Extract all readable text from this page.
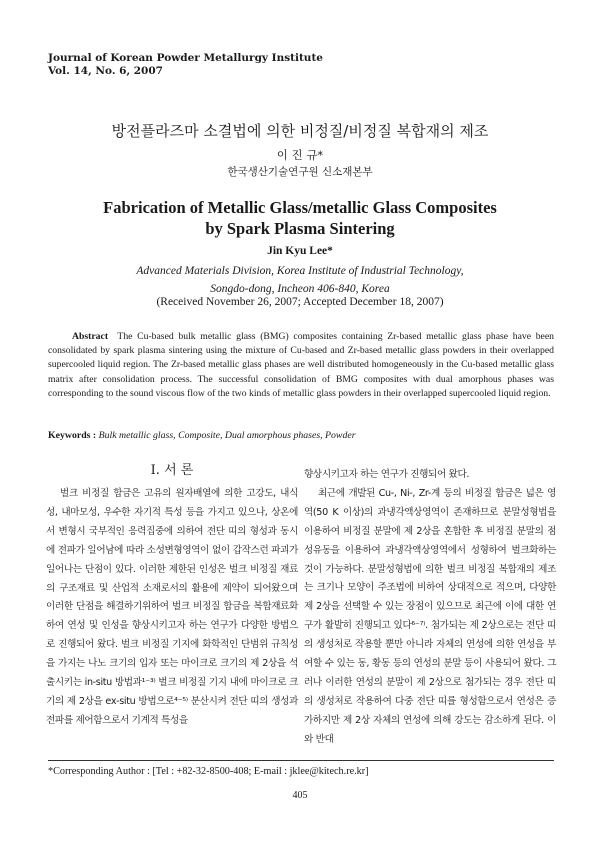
Journal of Korean Powder Metallurgy Institute
Vol. 14, No. 6, 2007
방전플라즈마 소결법에 의한 비정질/비정질 복합재의 제조
이 진 규*
한국생산기술연구원 신소재본부
Fabrication of Metallic Glass/metallic Glass Composites
by Spark Plasma Sintering
Jin Kyu Lee*
Advanced Materials Division, Korea Institute of Industrial Technology,
Songdo-dong, Incheon 406-840, Korea
(Received November 26, 2007; Accepted December 18, 2007)

Abstract The Cu-based bulk metallic glass (BMG) composites containing Zr-based metallic glass phase have been consolidated by spark plasma sintering using the mixture of Cu-based and Zr-based metallic glass powders in their overlapped supercooled liquid region. The Zr-based metallic glass phases are well distributed homogeneously in the Cu-based metallic glass matrix after consolidation process. The successful consolidation of BMG composites with dual amorphous phases was corresponding to the sound viscous flow of the two kinds of metallic glass powders in their overlapped supercooled liquid region.

Keywords : Bulk metallic glass, Composite, Dual amorphous phases, Powder
I. 서 론

벌크 비정질 합금은 고유의 원자배열에 의한 고강도, 내식성, 내마모성, 우수한 자기적 특성 등을 가지고 있으나, 상온에서 변형시 국부적인 응력집중에 의하여 전단 띠의 형성과 동시에 전파가 일어남에 따라 소성변형영역이 없이 갑작스런 파괴가 일어나는 단점이 있다. 이러한 제한된 인성은 벌크 비정질 재료의 구조재료 및 산업적 소재로서의 활용에 제약이 되어왔으며 이러한 단점을 해결하기위하여 벌크 비정질 합금을 복합재료화하여 연성 및 인성을 향상시키고자 하는 연구가 다양한 방법으로 진행되어 왔다. 벌크 비정질 기지에 화학적인 단범위 규칙성을 가지는 나노 크기의 입자 또는 마이크로 크기의 제 2상을 석출시키는 in-situ 방법과¹⁻³⁾ 벌크 비정질 기지 내에 마이크로 크기의 제 2상을 ex-situ 방법으로⁴⁻⁵⁾ 분산시켜 전단 띠의 생성과 전파를 제어함으로서 기계적 특성을

향상시키고자 하는 연구가 진행되어 왔다.

최근에 개발된 Cu-, Ni-, Zr-계 등의 비정질 합금은 넓은 영역(50 K 이상)의 과냉각액상영역이 존재하므로 분말성형법을 이용하여 비정질 분말에 제 2상을 혼합한 후 비정질 분말의 점성유동을 이용하여 과냉각액상영역에서 성형하여 벌크화하는 것이 가능하다. 분말성형법에 의한 벌크 비정질 복합재의 제조는 크기나 모양이 주조법에 비하여 상대적으로 적으며, 다양한 제 2상을 선택할 수 있는 장점이 있으므로 최근에 이에 대한 연구가 활발히 진행되고 있다⁶⁻⁷⁾. 첨가되는 제 2상으로는 전단 띠의 생성처로 작용할 뿐만 아니라 자체의 연성에 의한 연성을 부여할 수 있는 동, 황동 등의 연성의 분말 등이 사용되어 왔다. 그러나 이러한 연성의 분말이 제 2상으로 첨가되는 경우 전단 띠의 생성처로 작용하여 다중 전단 띠를 형성함으로서 연성은 증가하지만 제 2상 자체의 연성에 의해 강도는 감소하게 된다. 이와 반대

*Corresponding Author : [Tel : +82-32-8500-408; E-mail : jklee@kitech.re.kr]
405
